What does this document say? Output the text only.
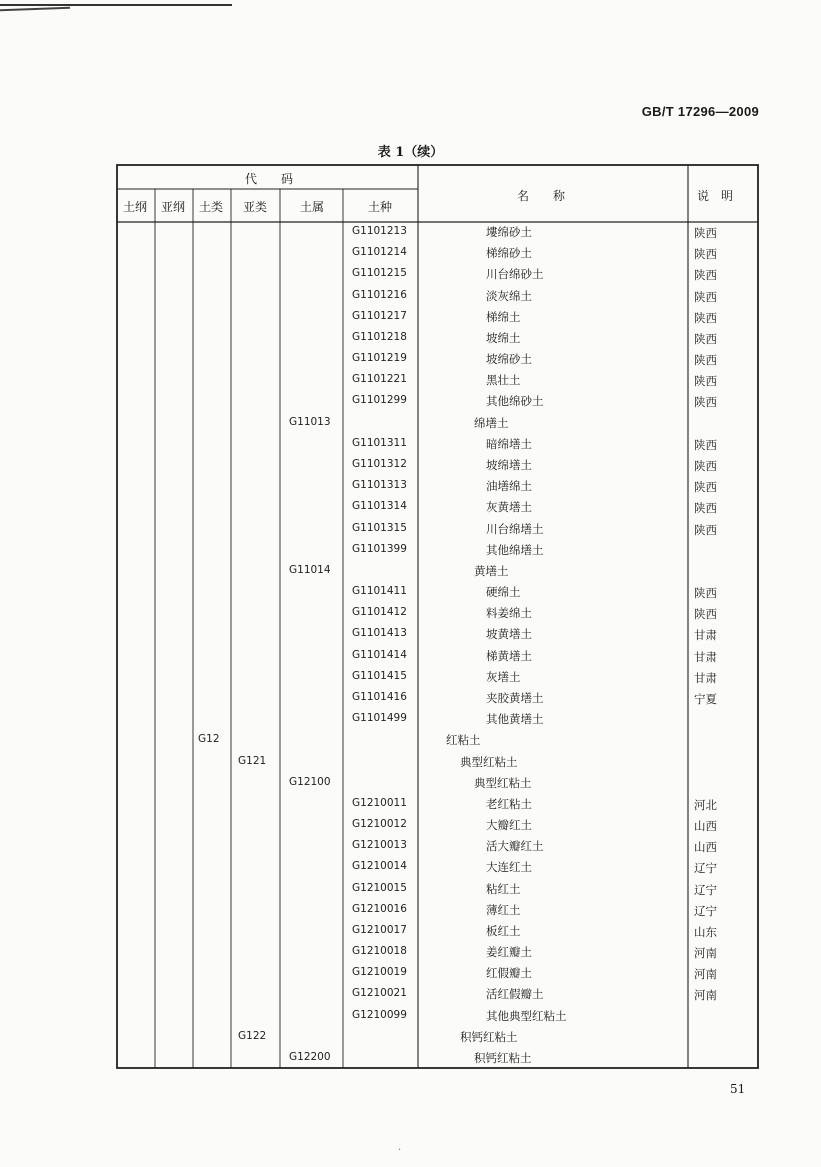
GB/T 17296—2009
表 1（续）
代　　码
土纲 亚纲 土类 亚类	土属	土种
名　　称	说　明
G1101213	塿绵砂土	陕西
G1101214	梯绵砂土	陕西
G1101215	川台绵砂土	陕西
G1101216	淡灰绵土	陕西
G1101217	梯绵土	陕西
G1101218	坡绵土	陕西
G1101219	坡绵砂土	陕西
G1101221	黑壮土	陕西
G1101299	其他绵砂土	陕西
G11013	绵墡土
G1101311	暗绵墡土	陕西
G1101312	坡绵墡土	陕西
G1101313	油墡绵土	陕西
G1101314	灰黄墡土	陕西
G1101315	川台绵墡土	陕西
G1101399	其他绵墡土
G11014	黄墡土
G1101411	硬绵土	陕西
G1101412	料姜绵土	陕西
G1101413	坡黄墡土	甘肃
G1101414	梯黄墡土	甘肃
G1101415	灰墡土	甘肃
G1101416	夹胶黄墡土	宁夏
G1101499	其他黄墡土
G12	红粘土
G121	典型红粘土
G12100	典型红粘土
G1210011	老红粘土	河北
G1210012	大瓣红土	山西
G1210013	活大瓣红土	山西
G1210014	大连红土	辽宁
G1210015	粘红土	辽宁
G1210016	薄红土	辽宁
G1210017	板红土	山东
G1210018	姜红瓣土	河南
G1210019	红假瓣土	河南
G1210021	活红假瓣土	河南
G1210099	其他典型红粘土
G122	积钙红粘土
G12200	积钙红粘土
51
·
